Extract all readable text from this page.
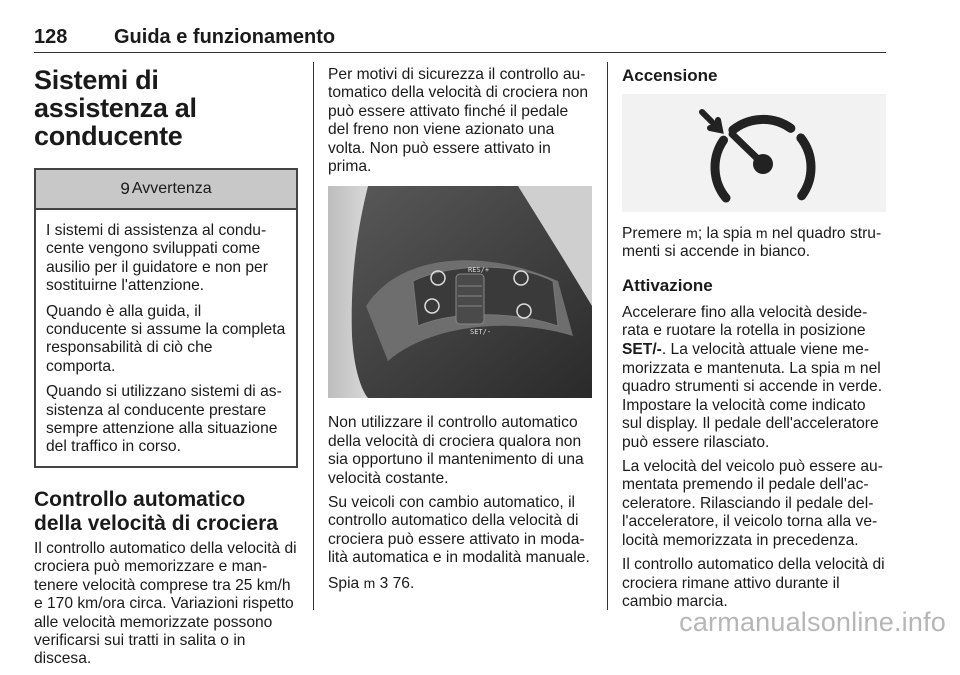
128 Guida e funzionamento
Sistemi di assistenza al conducente
9 Avvertenza

I sistemi di assistenza al conducente vengono sviluppati come ausilio per il guidatore e non per sostituirne l'attenzione.

Quando è alla guida, il conducente si assume la completa responsabilità di ciò che comporta.

Quando si utilizzano sistemi di assistenza al conducente prestare sempre attenzione alla situazione del traffico in corso.

Controllo automatico della velocità di crociera

Il controllo automatico della velocità di crociera può memorizzare e mantenere velocità comprese tra 25 km/h e 170 km/ora circa. Variazioni rispetto alle velocità memorizzate possono verificarsi sui tratti in salita o in discesa.

Per motivi di sicurezza il controllo automatico della velocità di crociera non può essere attivato finché il pedale del freno non viene azionato una volta. Non può essere attivato in prima.

RES/+
SET/-

Non utilizzare il controllo automatico della velocità di crociera qualora non sia opportuno il mantenimento di una velocità costante.

Su veicoli con cambio automatico, il controllo automatico della velocità di crociera può essere attivato in modalità automatica e in modalità manuale.

Spia m 3 76.

Accensione

Premere m; la spia m nel quadro strumenti si accende in bianco.

Attivazione

Accelerare fino alla velocità desiderata e ruotare la rotella in posizione SET/-. La velocità attuale viene memorizzata e mantenuta. La spia m nel quadro strumenti si accende in verde. Impostare la velocità come indicato sul display. Il pedale dell'acceleratore può essere rilasciato.

La velocità del veicolo può essere aumentata premendo il pedale dell'acceleratore. Rilasciando il pedale dell'acceleratore, il veicolo torna alla velocità memorizzata in precedenza.

Il controllo automatico della velocità di crociera rimane attivo durante il cambio marcia.

carmanualsonline.info
